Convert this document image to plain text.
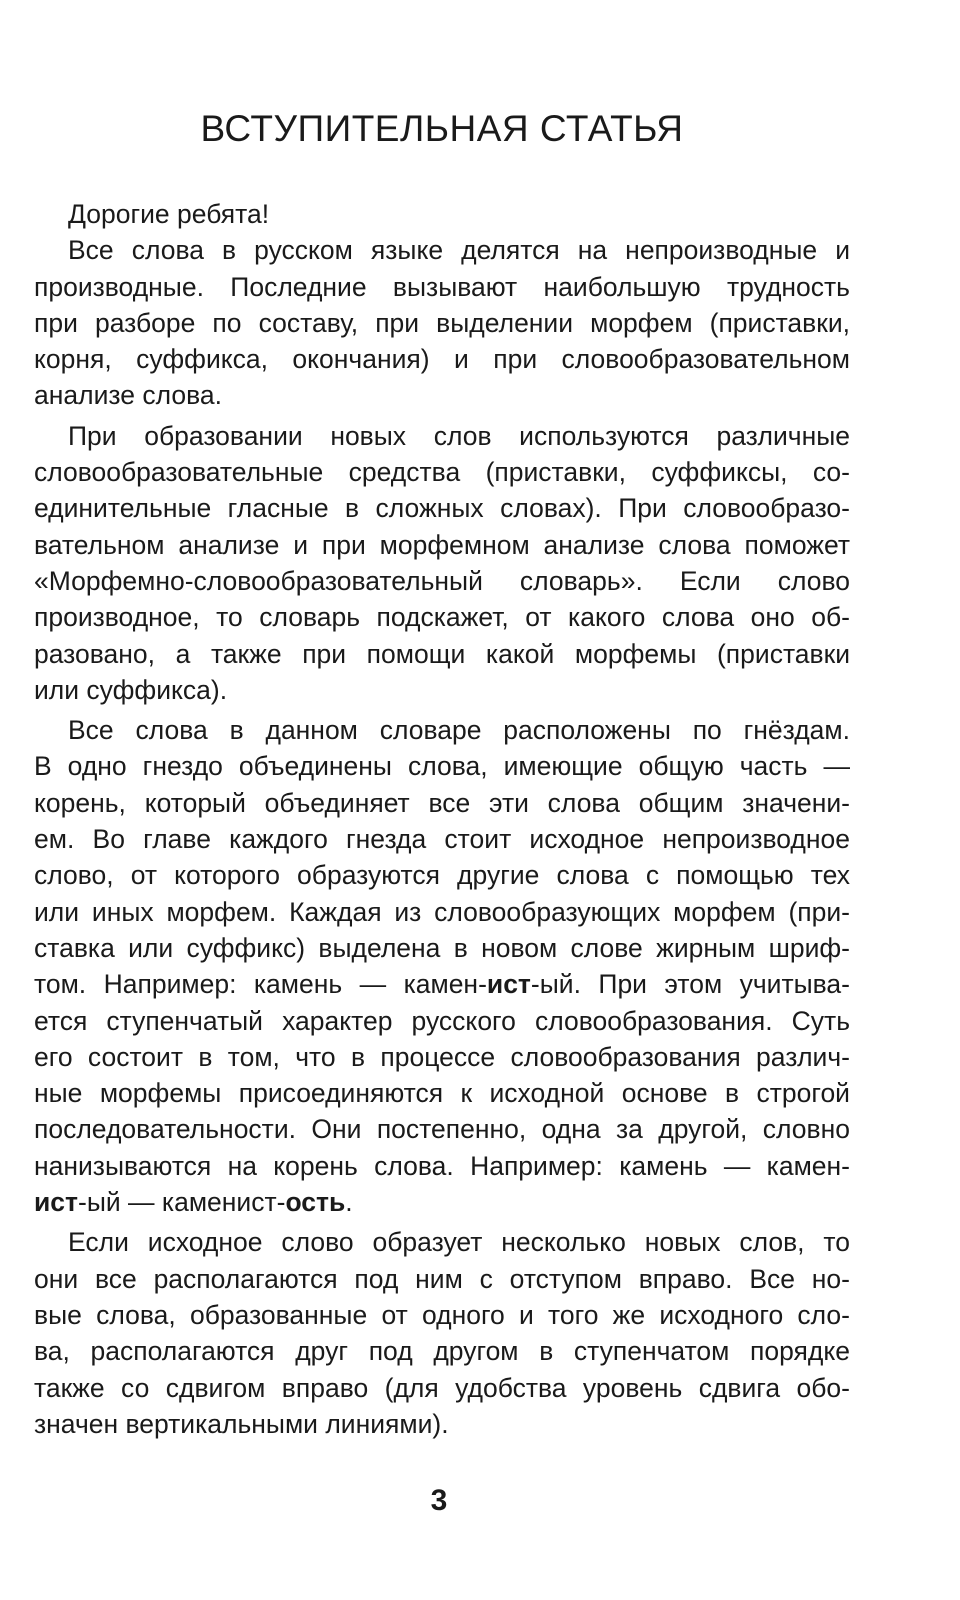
ВСТУПИТЕЛЬНАЯ СТАТЬЯ
Дорогие ребята!
Все слова в русском языке делятся на непроизводные и
производные. Последние вызывают наибольшую трудность
при разборе по составу, при выделении морфем (приставки,
корня, суффикса, окончания) и при словообразовательном
анализе слова.
При образовании новых слов используются различные
словообразовательные средства (приставки, суффиксы, со-
единительные гласные в сложных словах). При словообразо-
вательном анализе и при морфемном анализе слова поможет
«Морфемно-словообразовательный словарь». Если слово
производное, то словарь подскажет, от какого слова оно об-
разовано, а также при помощи какой морфемы (приставки
или суффикса).
Все слова в данном словаре расположены по гнёздам.
В одно гнездо объединены слова, имеющие общую часть —
корень, который объединяет все эти слова общим значени-
ем. Во главе каждого гнезда стоит исходное непроизводное
слово, от которого образуются другие слова с помощью тех
или иных морфем. Каждая из словообразующих морфем (при-
ставка или суффикс) выделена в новом слове жирным шриф-
том. Например: камень — камен-ист-ый. При этом учитыва-
ется ступенчатый характер русского словообразования. Суть
его состоит в том, что в процессе словообразования различ-
ные морфемы присоединяются к исходной основе в строгой
последовательности. Они постепенно, одна за другой, словно
нанизываются на корень слова. Например: камень — камен-
ист-ый — каменист-ость.
Если исходное слово образует несколько новых слов, то
они все располагаются под ним с отступом вправо. Все но-
вые слова, образованные от одного и того же исходного сло-
ва, располагаются друг под другом в ступенчатом порядке
также со сдвигом вправо (для удобства уровень сдвига обо-
значен вертикальными линиями).
3
